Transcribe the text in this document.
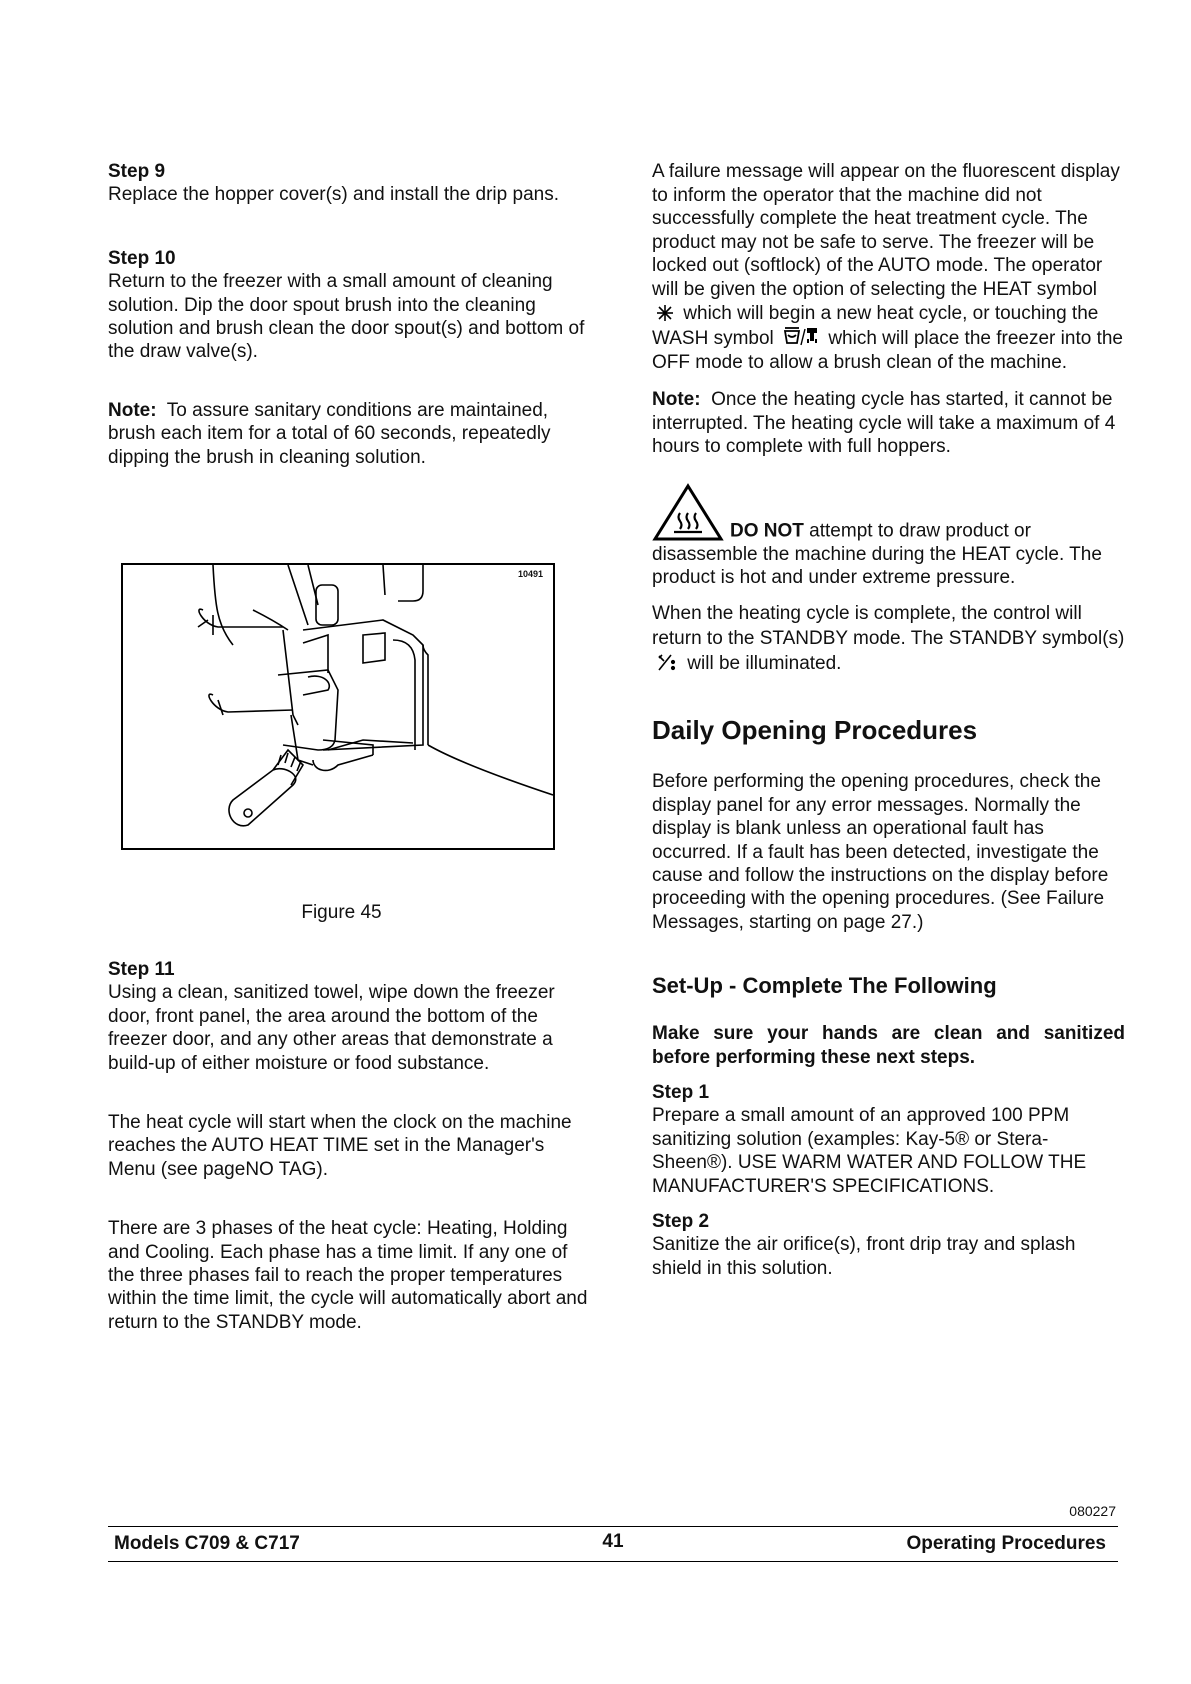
Step 9

Replace the hopper cover(s) and install the drip pans.

Step 10

Return to the freezer with a small amount of cleaning solution. Dip the door spout brush into the cleaning solution and brush clean the door spout(s) and bottom of the draw valve(s).

Note: To assure sanitary conditions are maintained, brush each item for a total of 60 seconds, repeatedly dipping the brush in cleaning solution.

10491
Figure 45

Step 11

Using a clean, sanitized towel, wipe down the freezer door, front panel, the area around the bottom of the freezer door, and any other areas that demonstrate a build-up of either moisture or food substance.

The heat cycle will start when the clock on the machine reaches the AUTO HEAT TIME set in the Manager's Menu (see pageNO TAG).

There are 3 phases of the heat cycle: Heating, Holding and Cooling. Each phase has a time limit. If any one of the three phases fail to reach the proper temperatures within the time limit, the cycle will automatically abort and return to the STANDBY mode.

A failure message will appear on the fluorescent display to inform the operator that the machine did not successfully complete the heat treatment cycle. The product may not be safe to serve. The freezer will be locked out (softlock) of the AUTO mode. The operator will be given the option of selecting the HEAT symbol  which will begin a new heat cycle, or touching the WASH symbol	which will place the freezer into the OFF mode to allow a brush clean of the machine.

Note: Once the heating cycle has started, it cannot be interrupted. The heating cycle will take a maximum of 4 hours to complete with full hoppers.

DO NOT attempt to draw product or disassemble the machine during the HEAT cycle. The product is hot and under extreme pressure.

When the heating cycle is complete, the control will return to the STANDBY mode. The STANDBY symbol(s)  will be illuminated.

Daily Opening Procedures

Before performing the opening procedures, check the display panel for any error messages. Normally the display is blank unless an operational fault has occurred. If a fault has been detected, investigate the cause and follow the instructions on the display before proceeding with the opening procedures. (See Failure Messages, starting on page 27.)

Set-Up - Complete The Following

Make sure your hands are clean and sanitized before performing these next steps.

Step 1

Prepare a small amount of an approved 100 PPM sanitizing solution (examples: Kay-5® or Stera-Sheen®). USE WARM WATER AND FOLLOW THE MANUFACTURER'S SPECIFICATIONS.

Step 2

Sanitize the air orifice(s), front drip tray and splash shield in this solution.

080227
Models C709 & C717	41	Operating Procedures
